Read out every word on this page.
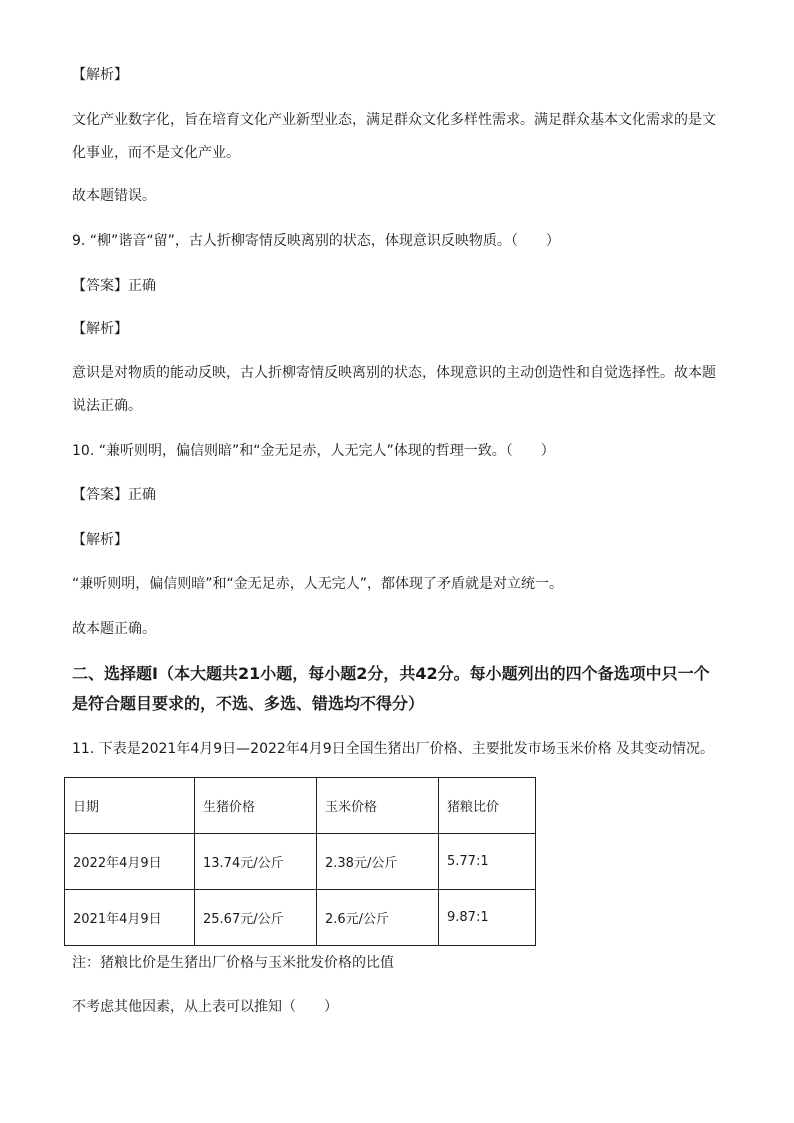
【解析】
文化产业数字化，旨在培育文化产业新型业态，满足群众文化多样性需求。满足群众基本文化需求的是文化事业，而不是文化产业。
故本题错误。
9. “柳”谐音“留”，古人折柳寄情反映离别的状态，体现意识反映物质。（　　）
【答案】正确
【解析】
意识是对物质的能动反映，古人折柳寄情反映离别的状态，体现意识的主动创造性和自觉选择性。故本题说法正确。
10. “兼听则明，偏信则暗”和“金无足赤，人无完人”体现的哲理一致。（　　）
【答案】正确
【解析】
“兼听则明，偏信则暗”和“金无足赤，人无完人”，都体现了矛盾就是对立统一。
故本题正确。
二、选择题Ⅰ（本大题共21小题，每小题2分，共42分。每小题列出的四个备选项中只一个是符合题目要求的，不选、多选、错选均不得分）
11. 下表是2021年4月9日—2022年4月9日全国生猪出厂价格、主要批发市场玉米价格 及其变动情况。
日期	生猪价格	玉米价格	猪粮比价
2022年4月9日	13.74元/公斤	2.38元/公斤	5.77:1
2021年4月9日	25.67元/公斤	2.6元/公斤	9.87:1
注：猪粮比价是生猪出厂价格与玉米批发价格的比值
不考虑其他因素，从上表可以推知（　　）
